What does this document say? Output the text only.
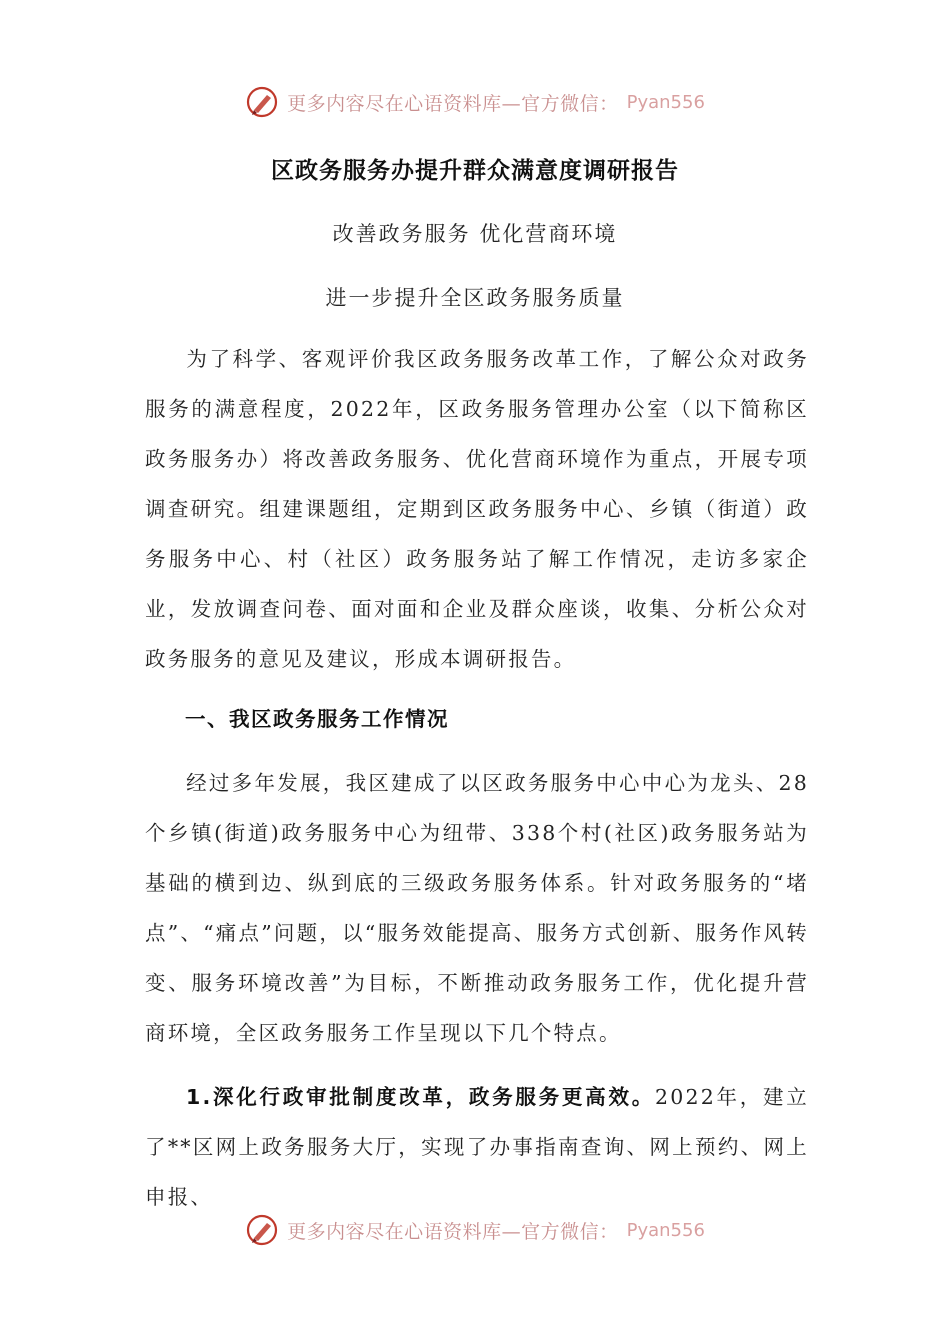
更多内容尽在心语资料库—官方微信： Pyan556
区政务服务办提升群众满意度调研报告
改善政务服务 优化营商环境
进一步提升全区政务服务质量

为了科学、客观评价我区政务服务改革工作，了解公众对政务服务的满意程度，2022年，区政务服务管理办公室（以下简称区政务服务办）将改善政务服务、优化营商环境作为重点，开展专项调查研究。组建课题组，定期到区政务服务中心、乡镇（街道）政务服务中心、村（社区）政务服务站了解工作情况，走访多家企业，发放调查问卷、面对面和企业及群众座谈，收集、分析公众对政务服务的意见及建议，形成本调研报告。

一、我区政务服务工作情况

经过多年发展，我区建成了以区政务服务中心中心为龙头、28个乡镇(街道)政务服务中心为纽带、338个村(社区)政务服务站为基础的横到边、纵到底的三级政务服务体系。针对政务服务的“堵点”、“痛点”问题，以“服务效能提高、服务方式创新、服务作风转变、服务环境改善”为目标，不断推动政务服务工作，优化提升营商环境，全区政务服务工作呈现以下几个特点。

1.深化行政审批制度改革，政务服务更高效。2022年，建立了**区网上政务服务大厅，实现了办事指南查询、网上预约、网上申报、

更多内容尽在心语资料库—官方微信： Pyan556
